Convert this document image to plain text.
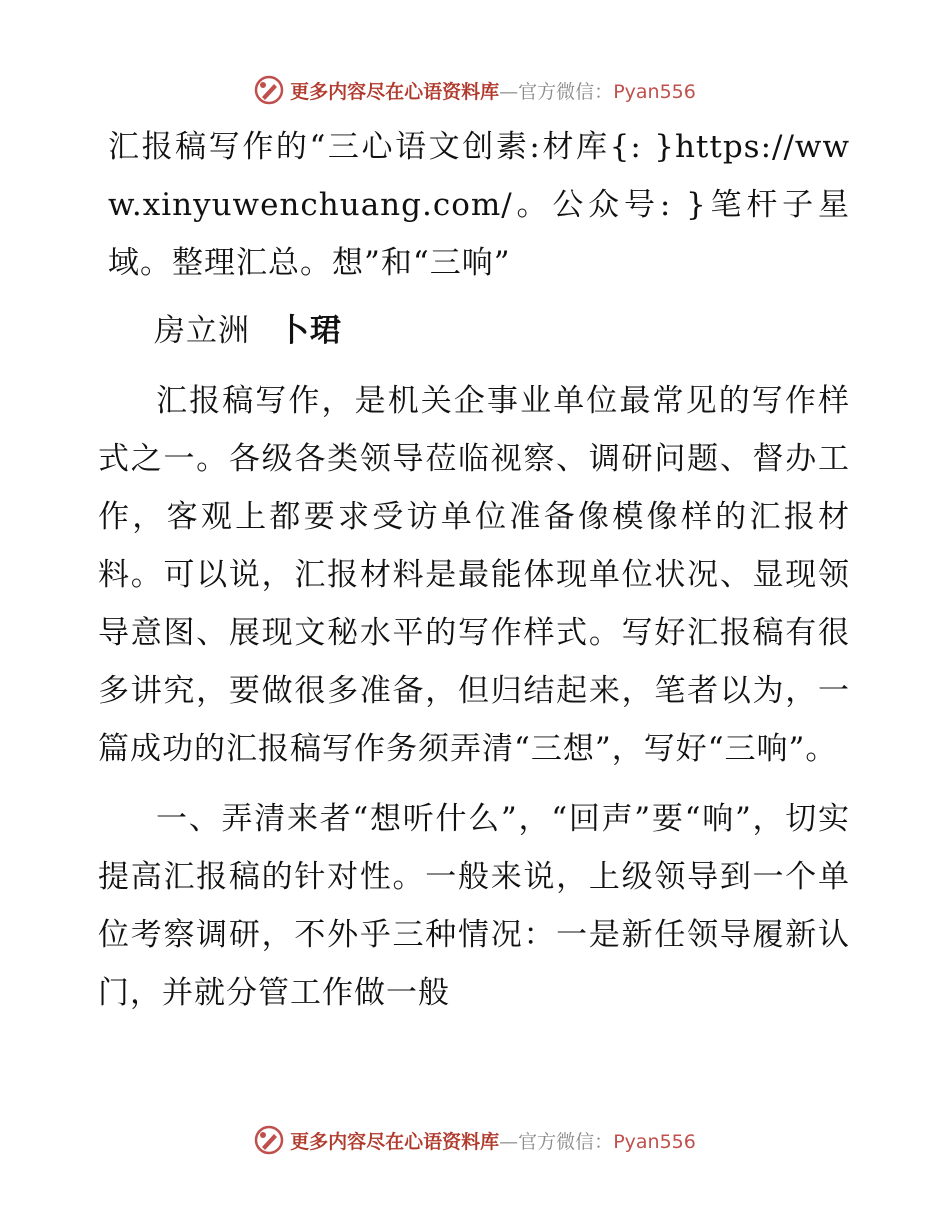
更多内容尽在心语资料库—官方微信：Pyan556

汇报稿写作的“三心语文创素:材库{: }https://www.xinyuwenchuang.com/。公众号: }笔杆子星域。整理汇总。想”和“三响”

房立洲 卜珺

汇报稿写作，是机关企事业单位最常见的写作样式之一。各级各类领导莅临视察、调研问题、督办工作，客观上都要求受访单位准备像模像样的汇报材料。可以说，汇报材料是最能体现单位状况、显现领导意图、展现文秘水平的写作样式。写好汇报稿有很多讲究，要做很多准备，但归结起来，笔者以为，一篇成功的汇报稿写作务须弄清“三想”，写好“三响”。

一、弄清来者“想听什么”，“回声”要“响”，切实提高汇报稿的针对性。一般来说，上级领导到一个单位考察调研，不外乎三种情况：一是新任领导履新认门，并就分管工作做一般

更多内容尽在心语资料库—官方微信：Pyan556
